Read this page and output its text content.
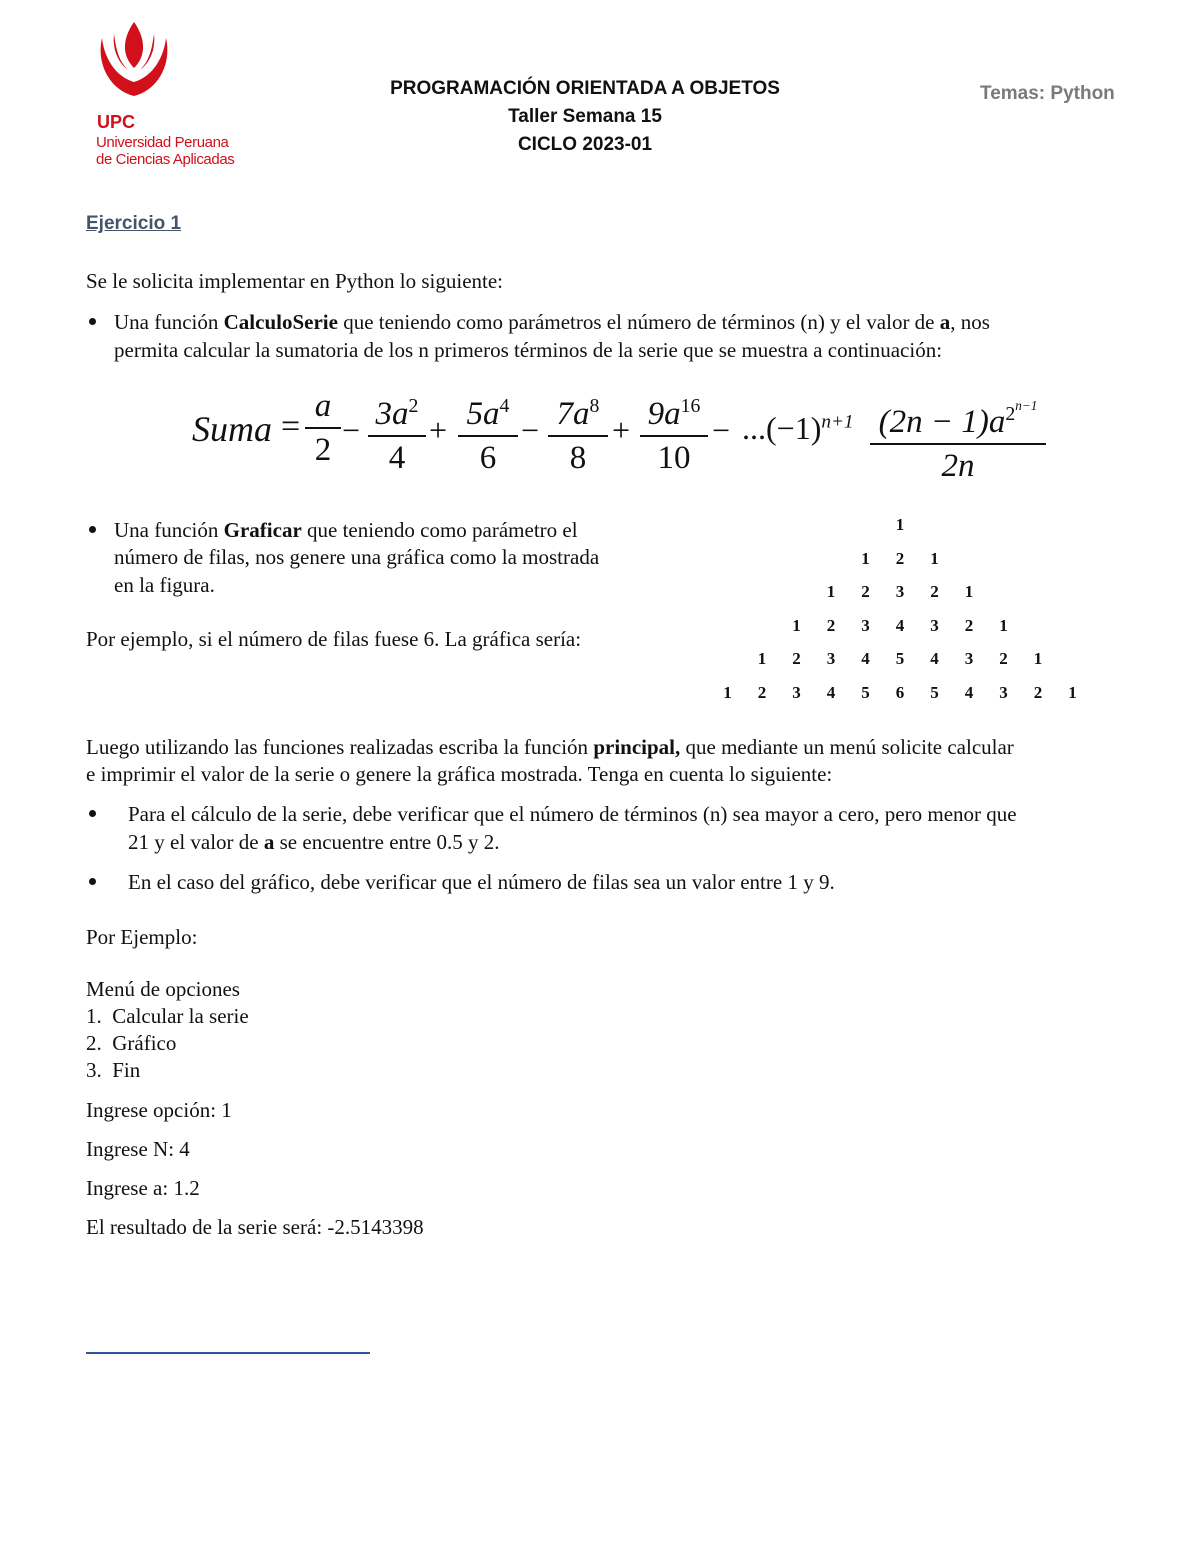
UPC
Universidad Peruana
de Ciencias Aplicadas
PROGRAMACIÓN ORIENTADA A OBJETOS
Taller Semana 15
CICLO 2023-01
Temas: Python
Ejercicio 1
Se le solicita implementar en Python lo siguiente:
Una función CalculoSerie que teniendo como parámetros el número de términos (n) y el valor de a, nos
permita calcular la sumatoria de los n primeros términos de la serie que se muestra a continuación:
Suma =
a
2
− $3a^2$
4
+ $5a^4$
6
− $7a^8$
8
+ $9a^{16}$
10
− $...(-1)^{n+1}$ $(2n - 1)a^{2n-1}$
2n
Una función Graficar que teniendo como parámetro el
número de filas, nos genere una gráfica como la mostrada
en la figura.
Por ejemplo, si el número de filas fuese 6. La gráfica sería:
1
1	2	1
1	2	3	2	1
1	2	3	4	3	2	1
1	2	3	4	5	4	3	2	1
1	2	3	4	5	6	5	4	3	2	1
Luego utilizando las funciones realizadas escriba la función principal, que mediante un menú solicite calcular
e imprimir el valor de la serie o genere la gráfica mostrada. Tenga en cuenta lo siguiente:
Para el cálculo de la serie, debe verificar que el número de términos (n) sea mayor a cero, pero menor que
21 y el valor de a se encuentre entre 0.5 y 2.
En el caso del gráfico, debe verificar que el número de filas sea un valor entre 1 y 9.
Por Ejemplo:
Menú de opciones
1.  Calcular la serie
2.  Gráfico
3.  Fin
Ingrese opción: 1
Ingrese N: 4
Ingrese a: 1.2
El resultado de la serie será: -2.5143398
